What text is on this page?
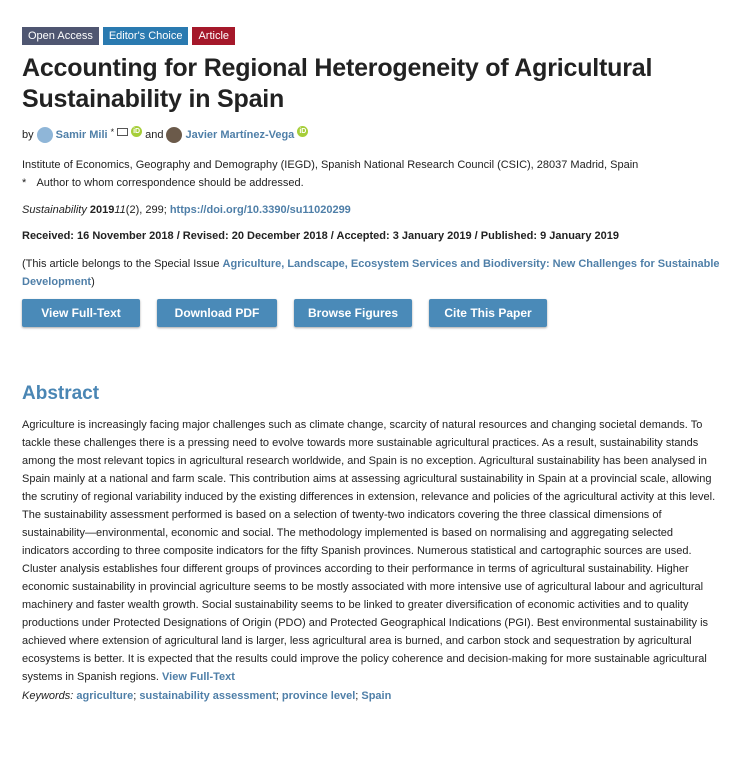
Open Access	Editor's Choice	Article
Accounting for Regional Heterogeneity of Agricultural Sustainability in Spain
by Samir Mili *	iD and Javier Martínez-Vega iD
Institute of Economics, Geography and Demography (IEGD), Spanish National Research Council (CSIC), 28037 Madrid, Spain
* Author to whom correspondence should be addressed.
Sustainability 201911(2), 299; https://doi.org/10.3390/su11020299
Received: 16 November 2018 / Revised: 20 December 2018 / Accepted: 3 January 2019 / Published: 9 January 2019
(This article belongs to the Special Issue Agriculture, Landscape, Ecosystem Services and Biodiversity: New Challenges for Sustainable Development)
View Full-Text	Download PDF	Browse Figures	Cite This Paper
Abstract
Agriculture is increasingly facing major challenges such as climate change, scarcity of natural resources and changing societal demands. To tackle these challenges there is a pressing need to evolve towards more sustainable agricultural practices. As a result, sustainability stands among the most relevant topics in agricultural research worldwide, and Spain is no exception. Agricultural sustainability has been analysed in Spain mainly at a national and farm scale. This contribution aims at assessing agricultural sustainability in Spain at a provincial scale, allowing the scrutiny of regional variability induced by the existing differences in extension, relevance and policies of the agricultural activity at this level. The sustainability assessment performed is based on a selection of twenty-two indicators covering the three classical dimensions of sustainability—environmental, economic and social. The methodology implemented is based on normalising and aggregating selected indicators according to three composite indicators for the fifty Spanish provinces. Numerous statistical and cartographic sources are used. Cluster analysis establishes four different groups of provinces according to their performance in terms of agricultural sustainability. Higher economic sustainability in provincial agriculture seems to be mostly associated with more intensive use of agricultural labour and agricultural machinery and faster wealth growth. Social sustainability seems to be linked to greater diversification of economic activities and to quality productions under Protected Designations of Origin (PDO) and Protected Geographical Indications (PGI). Best environmental sustainability is achieved where extension of agricultural land is larger, less agricultural area is burned, and carbon stock and sequestration by agricultural ecosystems is better. It is expected that the results could improve the policy coherence and decision-making for more sustainable agricultural systems in Spanish regions. View Full-Text
Keywords: agriculture; sustainability assessment; province level; Spain
